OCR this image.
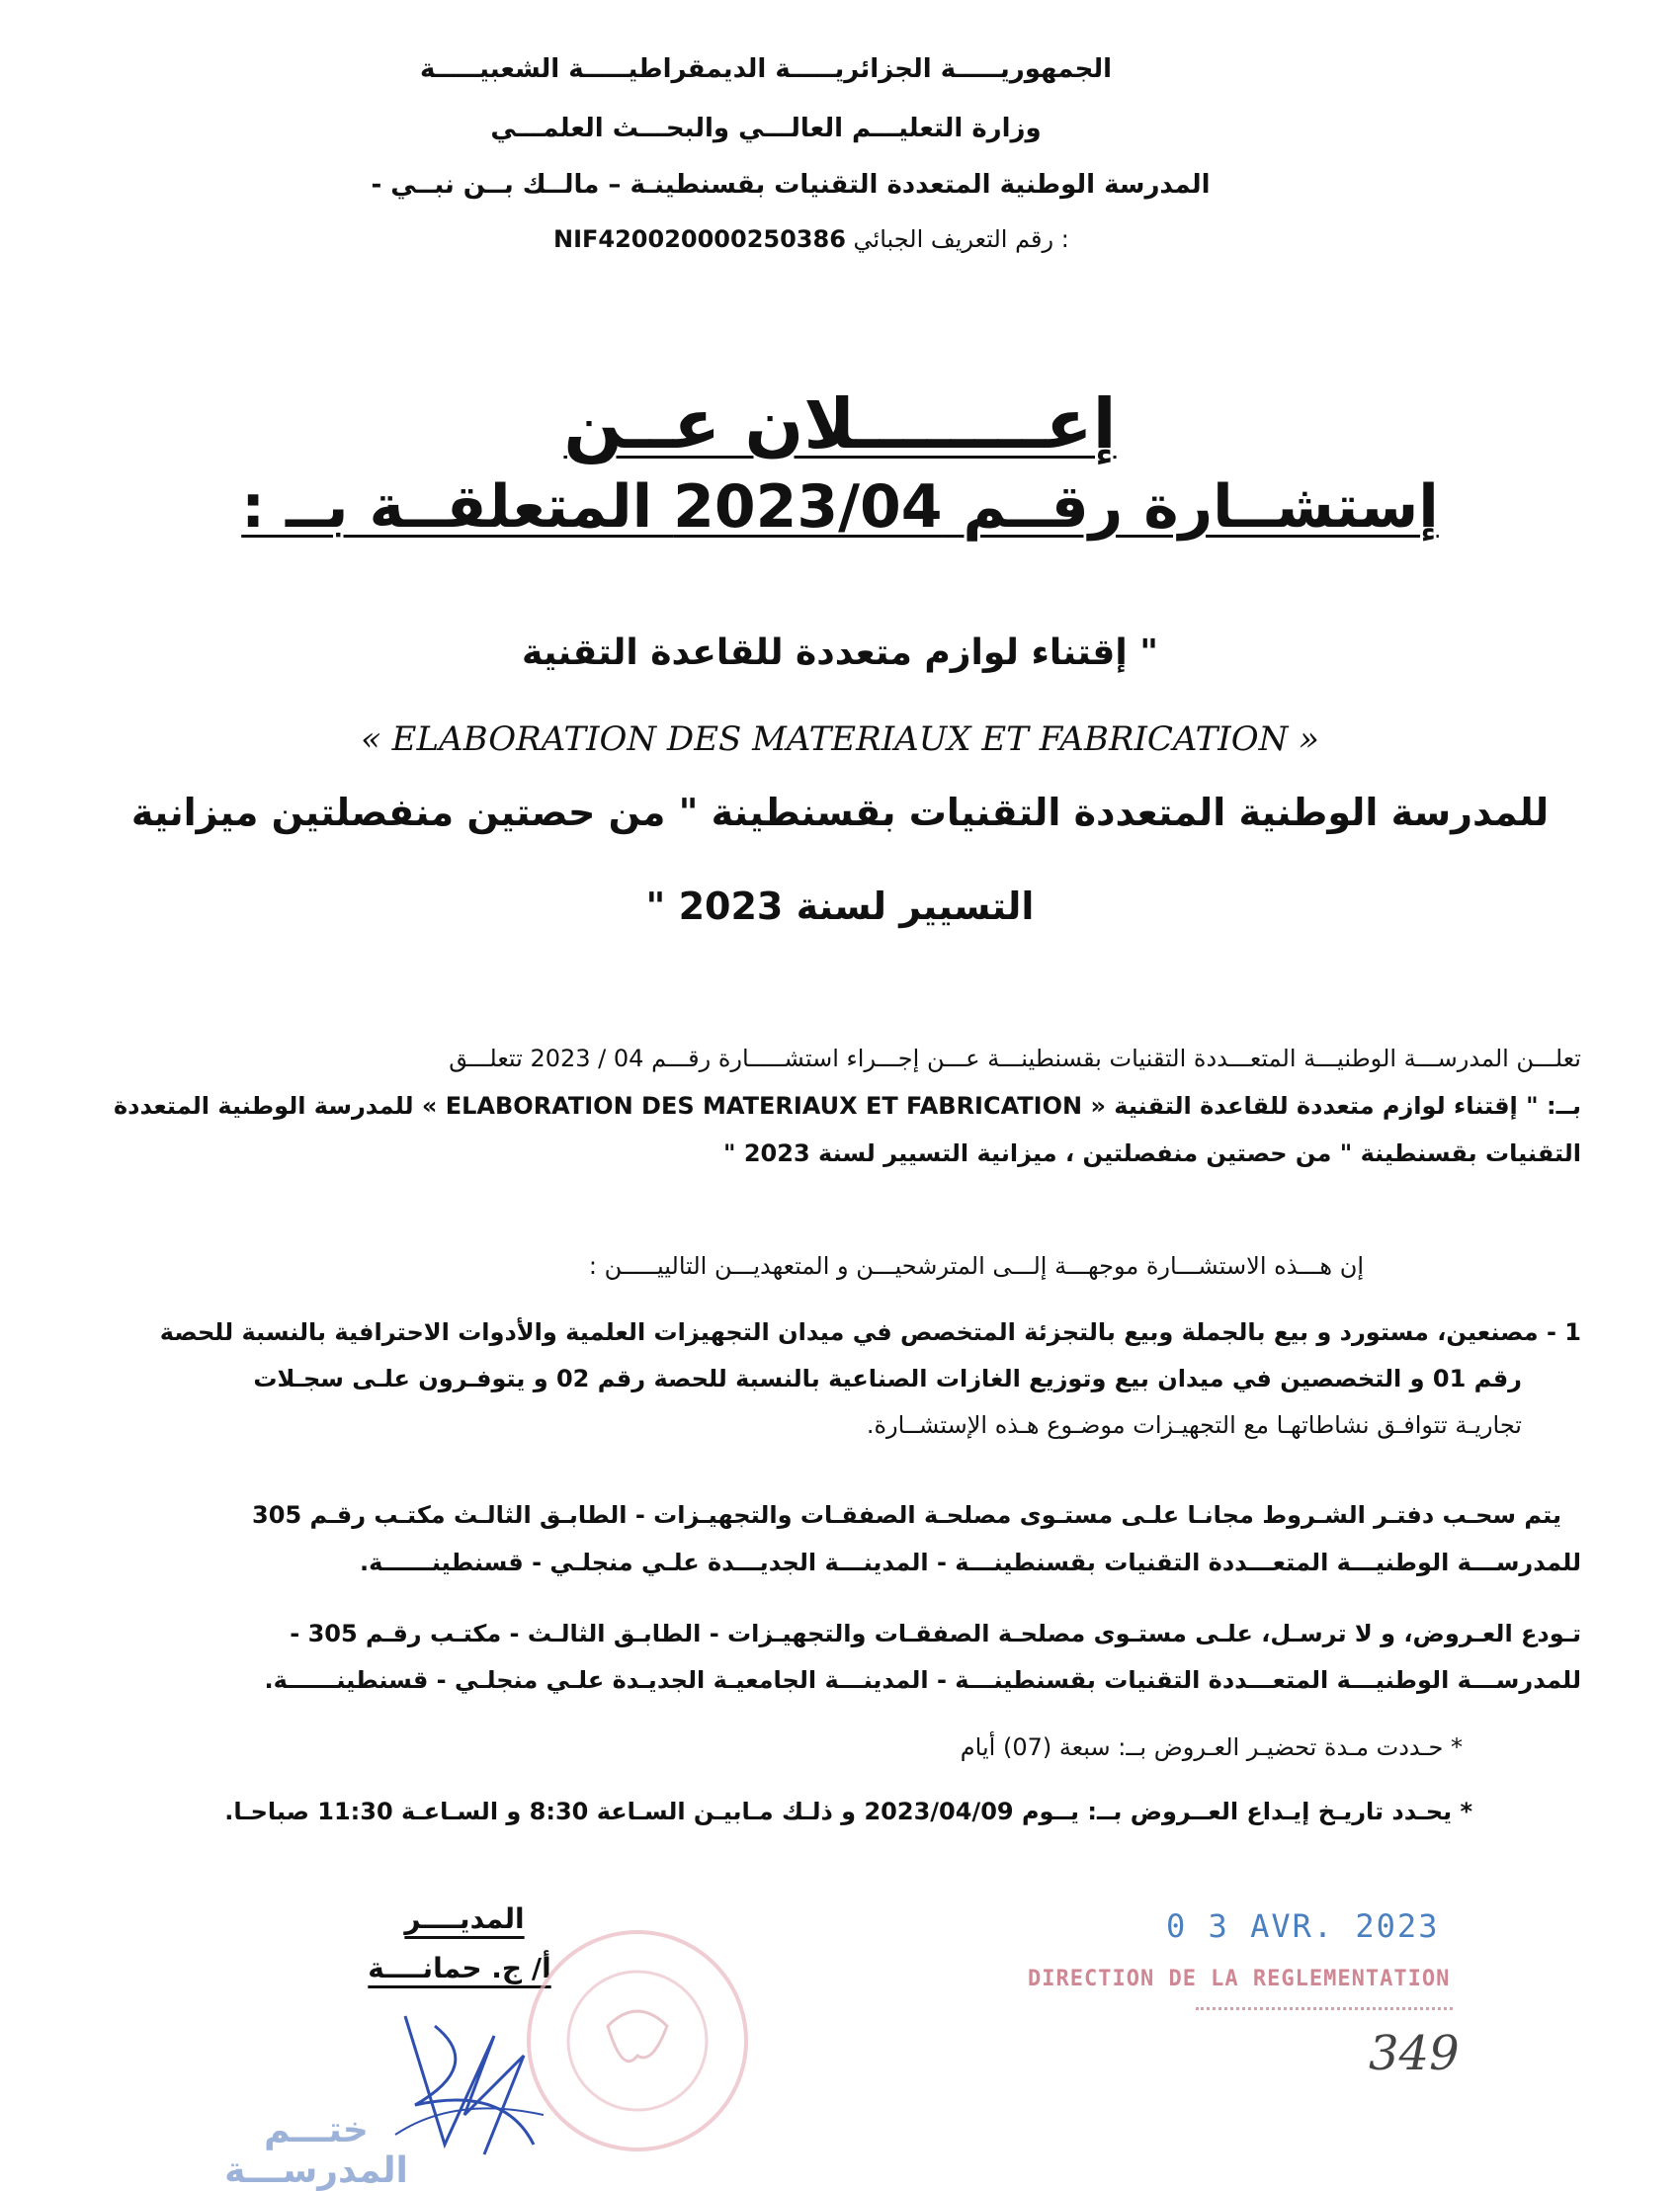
الجمهوريـــــة الجزائريـــــة الديمقراطيـــــة الشعبيـــــة
وزارة التعليـــم العالـــي والبحـــث العلمـــي
المدرسة الوطنية المتعددة التقنيات بقسنطينـة – مالــك بــن نبــي -
NIF420020000250386 رقم التعريف الجبائي :
إعــــــــلان عــن
إستشــارة رقــم 2023/04 المتعلقــة بــ :
" إقتناء لوازم متعددة للقاعدة التقنية
« ELABORATION DES MATERIAUX ET FABRICATION »
للمدرسة الوطنية المتعددة التقنيات بقسنطينة " من حصتين منفصلتين ميزانية
التسيير لسنة 2023 "
تعلـــن المدرســـة الوطنيـــة المتعـــددة التقنيات بقسنطينـــة عـــن إجـــراء استشـــــارة رقـــم 04 / 2023 تتعلـــق
بــ: " إقتناء لوازم متعددة للقاعدة التقنية « ELABORATION DES MATERIAUX ET FABRICATION » للمدرسة الوطنية المتعددة
التقنيات بقسنطينة " من حصتين منفصلتين ، ميزانية التسيير لسنة 2023 "
إن هـــذه الاستشـــارة موجهـــة إلـــى المترشحيـــن و المتعهديـــن التالييـــــن :
1 - مصنعين، مستورد و بيع بالجملة وبيع بالتجزئة المتخصص في ميدان التجهيزات العلمية والأدوات الاحترافية بالنسبة للحصة
رقم 01 و التخصصين في ميدان بيع وتوزيع الغازات الصناعية بالنسبة للحصة رقم 02 و يتوفـرون علـى سجـلات
تجاريـة تتوافـق نشاطاتهـا مع التجهيـزات موضـوع هـذه الإستشــارة.
يتم سحـب دفتـر الشـروط مجانـا علـى مستـوى مصلحـة الصفقـات والتجهيـزات - الطابـق الثالـث مكتـب رقـم 305
للمدرســـة الوطنيـــة المتعـــددة التقنيات بقسنطينـــة - المدينـــة الجديـــدة علـي منجلـي - قسنطينــــــة.
تـودع العـروض، و لا ترسـل، علـى مستـوى مصلحـة الصفقـات والتجهيـزات - الطابـق الثالـث - مكتـب رقـم 305 -
للمدرســـة الوطنيـــة المتعـــددة التقنيات بقسنطينـــة - المدينـــة الجامعيـة الجديـدة علـي منجلـي - قسنطينــــــة.
* حـددت مـدة تحضيـر العـروض بــ: سبعة (07) أيام
* يحـدد تاريـخ إيـداع العــروض بــ: يــوم 2023/04/09 و ذلـك مـابيـن السـاعة 8:30 و السـاعـة 11:30 صباحـا.
المديــــر
أ/ ج. حمانــــة
ختـــم المدرســـة
0 3 AVR. 2023
DIRECTION DE LA REGLEMENTATION
349
